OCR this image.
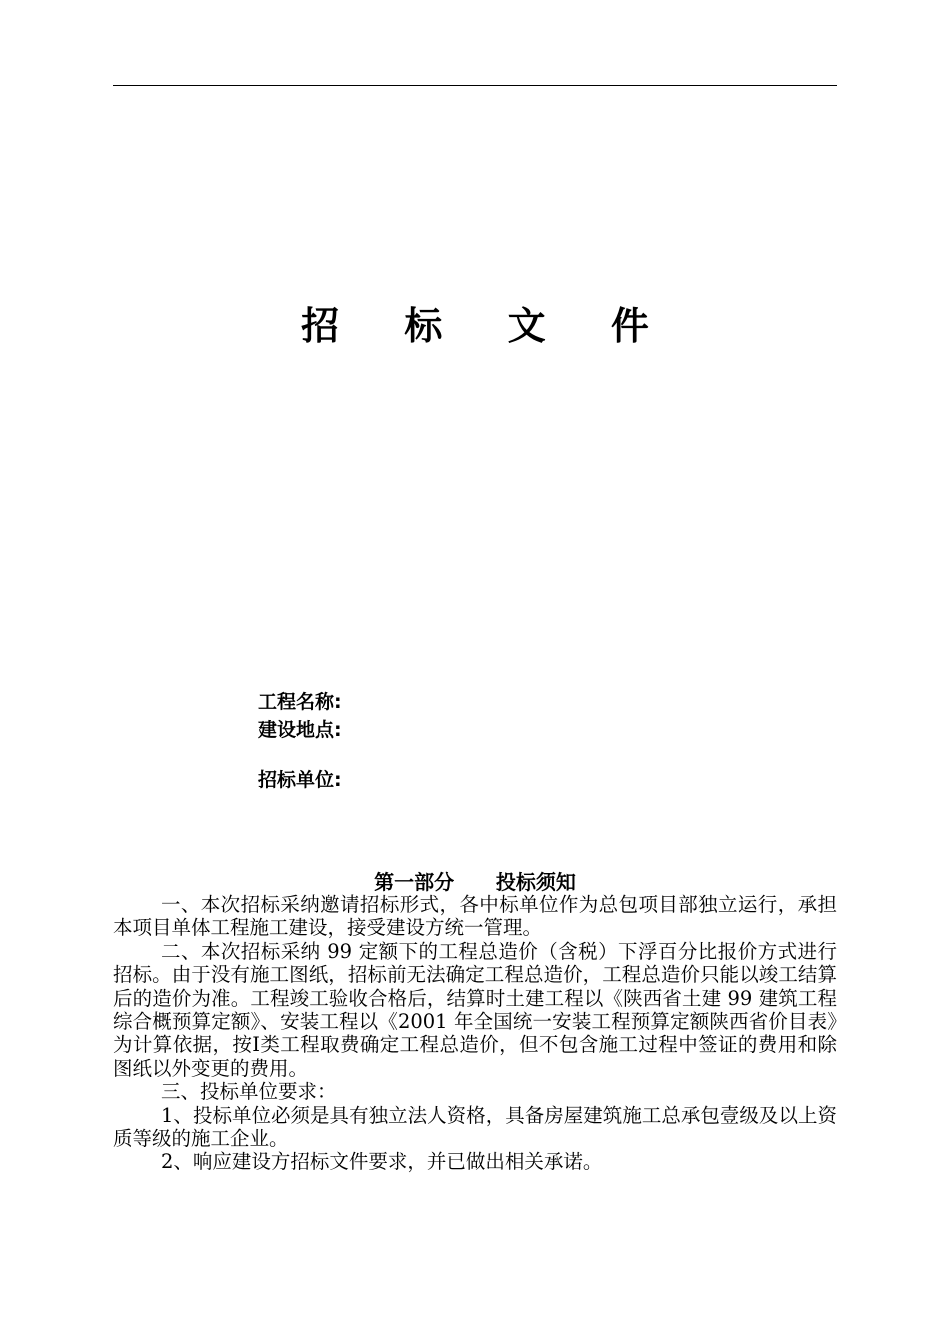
招 标 文 件
工程名称:
建设地点:
招标单位:
第一部分      投标须知

一、本次招标采纳邀请招标形式，各中标单位作为总包项目部独立运行，承担本项目单体工程施工建设，接受建设方统一管理。

二、本次招标采纳 99 定额下的工程总造价（含税）下浮百分比报价方式进行招标。由于没有施工图纸，招标前无法确定工程总造价，工程总造价只能以竣工结算后的造价为准。工程竣工验收合格后，结算时土建工程以《陕西省土建 99 建筑工程综合概预算定额》、安装工程以《2001 年全国统一安装工程预算定额陕西省价目表》为计算依据，按Ⅰ类工程取费确定工程总造价，但不包含施工过程中签证的费用和除图纸以外变更的费用。

三、投标单位要求：

1、投标单位必须是具有独立法人资格，具备房屋建筑施工总承包壹级及以上资质等级的施工企业。

2、响应建设方招标文件要求，并已做出相关承诺。
